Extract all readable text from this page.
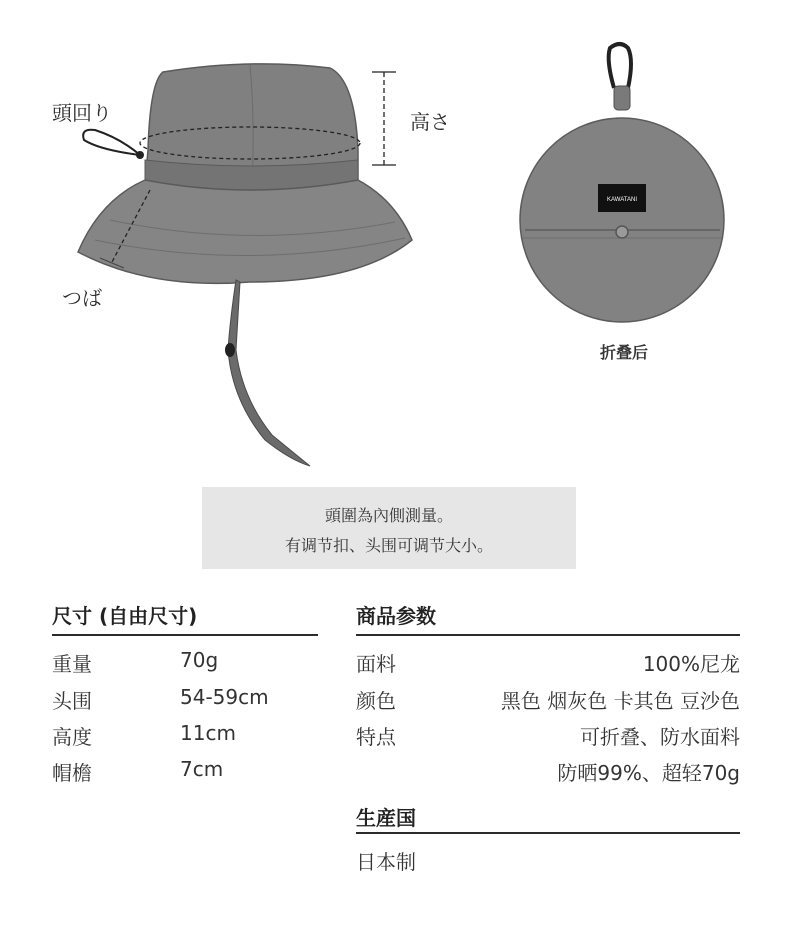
頭回り	高さ
つば
KAWATANI
折叠后
頭圍為內側測量。
有调节扣、头围可调节大小。
尺寸 (自由尺寸)
重量	70g
头围	54-59cm
高度	11cm
帽檐	7cm
商品参数
面料	100%尼龙
颜色	黑色 烟灰色 卡其色 豆沙色
特点	可折叠、防水面料
防晒99%、超轻70g
生産国
日本制
